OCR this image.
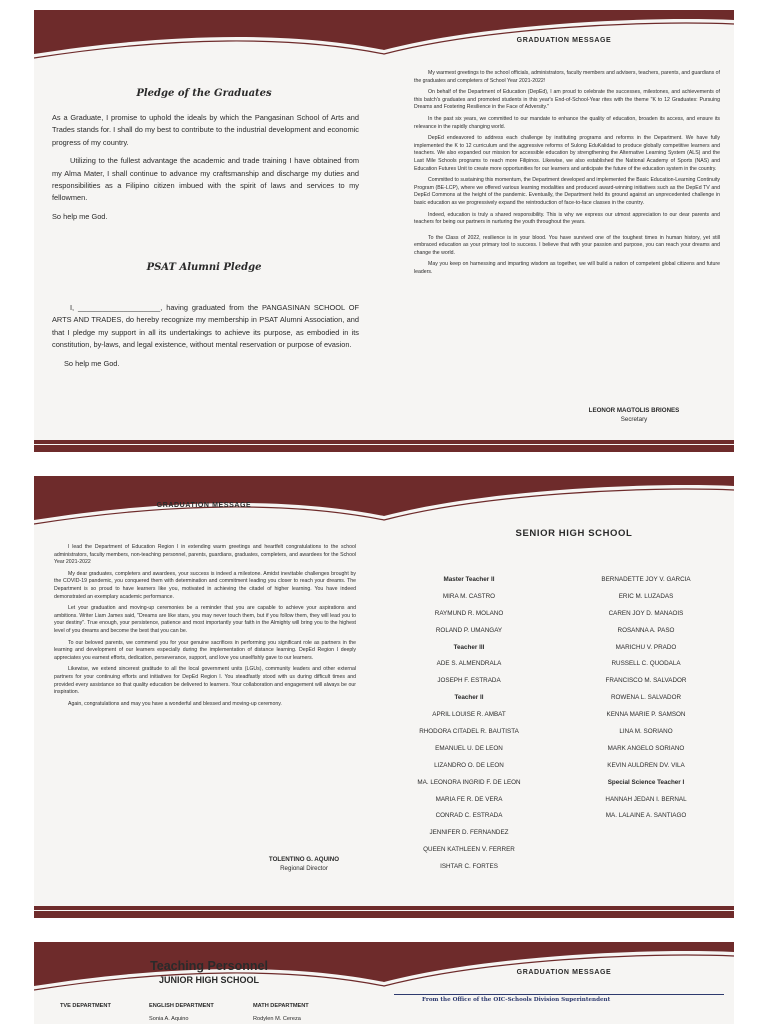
Pledge of the Graduates

As a Graduate, I promise to uphold the ideals by which the Pangasinan School of Arts and Trades stands for. I shall do my best to contribute to the industrial development and economic progress of my country.

Utilizing to the fullest advantage the academic and trade training I have obtained from my Alma Mater, I shall continue to advance my craftsmanship and discharge my duties and responsibilities as a Filipino citizen imbued with the spirit of laws and services to my fellowmen.

So help me God.

PSAT Alumni Pledge

I, ____________________, having graduated from the PANGASINAN SCHOOL OF ARTS AND TRADES, do hereby recognize my membership in PSAT Alumni Association, and that I pledge my support in all its undertakings to achieve its purpose, as embodied in its constitution, by-laws, and legal existence, without mental reservation or purpose of evasion.

So help me God.

GRADUATION MESSAGE

My warmest greetings to the school officials, administrators, faculty members and advisers, teachers, parents, and guardians of the graduates and completers of School Year 2021-2022!

On behalf of the Department of Education (DepEd), I am proud to celebrate the successes, milestones, and achievements of this batch's graduates and promoted students in this year's End-of-School-Year rites with the theme "K to 12 Graduates: Pursuing Dreams and Fostering Resilience in the Face of Adversity."

In the past six years, we committed to our mandate to enhance the quality of education, broaden its access, and ensure its relevance in the rapidly changing world.

DepEd endeavored to address each challenge by instituting programs and reforms in the Department. We have fully implemented the K to 12 curriculum and the aggressive reforms of Sulong EduKalidad to produce globally competitive learners and teachers. We also expanded our mission for accessible education by strengthening the Alternative Learning System (ALS) and the Last Mile Schools programs to reach more Filipinos. Likewise, we also established the National Academy of Sports (NAS) and Education Futures Unit to create more opportunities for our learners and anticipate the future of the education system in the country.

Committed to sustaining this momentum, the Department developed and implemented the Basic Education-Learning Continuity Program (BE-LCP), where we offered various learning modalities and produced award-winning initiatives such as the DepEd TV and DepEd Commons at the height of the pandemic. Eventually, the Department held its ground against an unprecedented challenge in basic education as we progressively expand the reintroduction of face-to-face classes in the country.

Indeed, education is truly a shared responsibility. This is why we express our utmost appreciation to our dear parents and teachers for being our partners in nurturing the youth throughout the years.

To the Class of 2022, resilience is in your blood. You have survived one of the toughest times in human history, yet still embraced education as your primary tool to success. I believe that with your passion and purpose, you can reach your dreams and change the world.

May you keep on harnessing and imparting wisdom as together, we will build a nation of competent global citizens and future leaders.

LEONOR MAGTOLIS BRIONES
Secretary
GRADUATION MESSAGE

I lead the Department of Education Region I in extending warm greetings and heartfelt congratulations to the school administrators, faculty members, non-teaching personnel, parents, guardians, graduates, completers, and awardees for the School Year 2021-2022

My dear graduates, completers and awardees, your success is indeed a milestone. Amidst inevitable challenges brought by the COVID-19 pandemic, you conquered them with determination and commitment leading you closer to reach your dreams. The Department is so proud to have learners like you, motivated in achieving the citadel of higher learning. You have indeed demonstrated an exemplary academic performance.

Let your graduation and moving-up ceremonies be a reminder that you are capable to achieve your aspirations and ambitions. Writer Liam James said, "Dreams are like stars, you may never touch them, but if you follow them, they will lead you to your destiny". True enough, your persistence, patience and most importantly your faith in the Almighty will bring you to the highest level of you dreams and become the best that you can be.

To our beloved parents, we commend you for your genuine sacrifices in performing you significant role as partners in the learning and development of our learners especially during the implementation of distance learning. DepEd Region I deeply appreciates you earnest efforts, dedication, perseverance, support, and love you unselfishly gave to our learners.

Likewise, we extend sincerest gratitude to all the local government units (LGUs), community leaders and other external partners for your continuing efforts and initiatives for DepEd Region I. You steadfastly stood with us during difficult times and provided every assistance so that quality education be delivered to learners. Your collaboration and engagement will always be our inspiration.

Again, congratulations and may you have a wonderful and blessed and moving-up ceremony.

TOLENTINO G. AQUINO
Regional Director
SENIOR HIGH SCHOOL
Master Teacher II
MIRA M. CASTRO
RAYMUND R. MOLANO
ROLAND P. UMANGAY
Teacher III
ADE S. ALMENDRALA
JOSEPH F. ESTRADA
Teacher II
APRIL LOUISE R. AMBAT
RHODORA CITADEL R. BAUTISTA
EMANUEL U. DE LEON
LIZANDRO O. DE LEON
MA. LEONORA INGRID F. DE LEON
MARIA FE R. DE VERA
CONRAD C. ESTRADA
JENNIFER D. FERNANDEZ
QUEEN KATHLEEN V. FERRER
ISHTAR C. FORTES
BERNADETTE JOY V. GARCIA
ERIC M. LUZADAS
CAREN JOY D. MANAOIS
ROSANNA A. PASO
MARICHU V. PRADO
RUSSELL C. QUODALA
FRANCISCO M. SALVADOR
ROWENA L. SALVADOR
KENNA MARIE P. SAMSON
LINA M. SORIANO
MARK ANGELO SORIANO
KEVIN AULDREN DV. VILA
Special Science Teacher I
HANNAH JEDAN I. BERNAL
MA. LALAINE A. SANTIAGO
Teaching Personnel
JUNIOR HIGH SCHOOL
TVE DEPARTMENT	ENGLISH DEPARTMENT
Sonia A. Aquino
MATH DEPARTMENT
Rodylen M. Cereza
GRADUATION MESSAGE
From the Office of the OIC-Schools Division Superintendent
